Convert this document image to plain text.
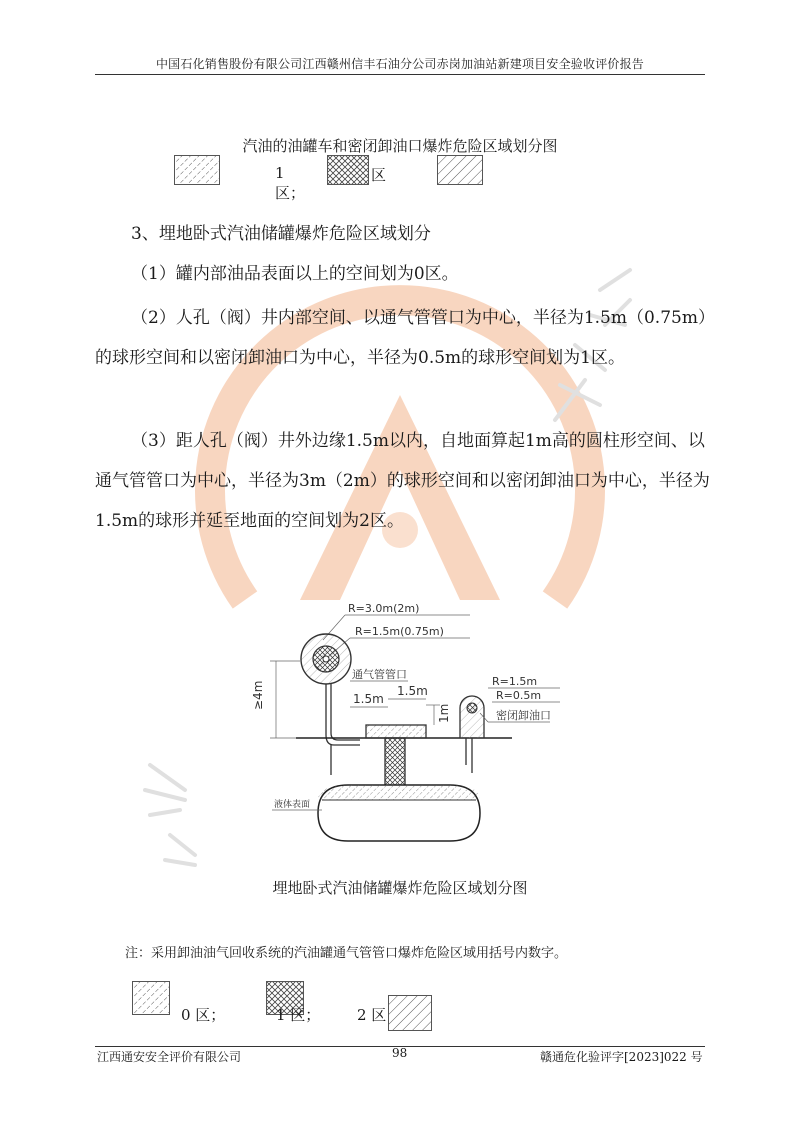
中国石化销售股份有限公司江西赣州信丰石油分公司赤岗加油站新建项目安全验收评价报告
汽油的油罐车和密闭卸油口爆炸危险区域划分图
1 区；
区
3、埋地卧式汽油储罐爆炸危险区域划分
（1）罐内部油品表面以上的空间划为0区。
（2）人孔（阀）井内部空间、以通气管管口为中心，半径为1.5m（0.75m）的球形空间和以密闭卸油口为中心，半径为0.5m的球形空间划为1区。
（3）距人孔（阀）井外边缘1.5m以内，自地面算起1m高的圆柱形空间、以通气管管口为中心，半径为3m（2m）的球形空间和以密闭卸油口为中心，半径为1.5m的球形并延至地面的空间划为2区。
R=3.0m(2m)
R=1.5m(0.75m)
通气管管口
≥4m	1.5m
1.5m
1m
R=1.5m
R=0.5m
密闭卸油口
液体表面
埋地卧式汽油储罐爆炸危险区域划分图
注：采用卸油油气回收系统的汽油罐通气管管口爆炸危险区域用括号内数字。
0 区；	1 区； 2 区
江西通安安全评价有限公司	98	赣通危化验评字[2023]022 号
